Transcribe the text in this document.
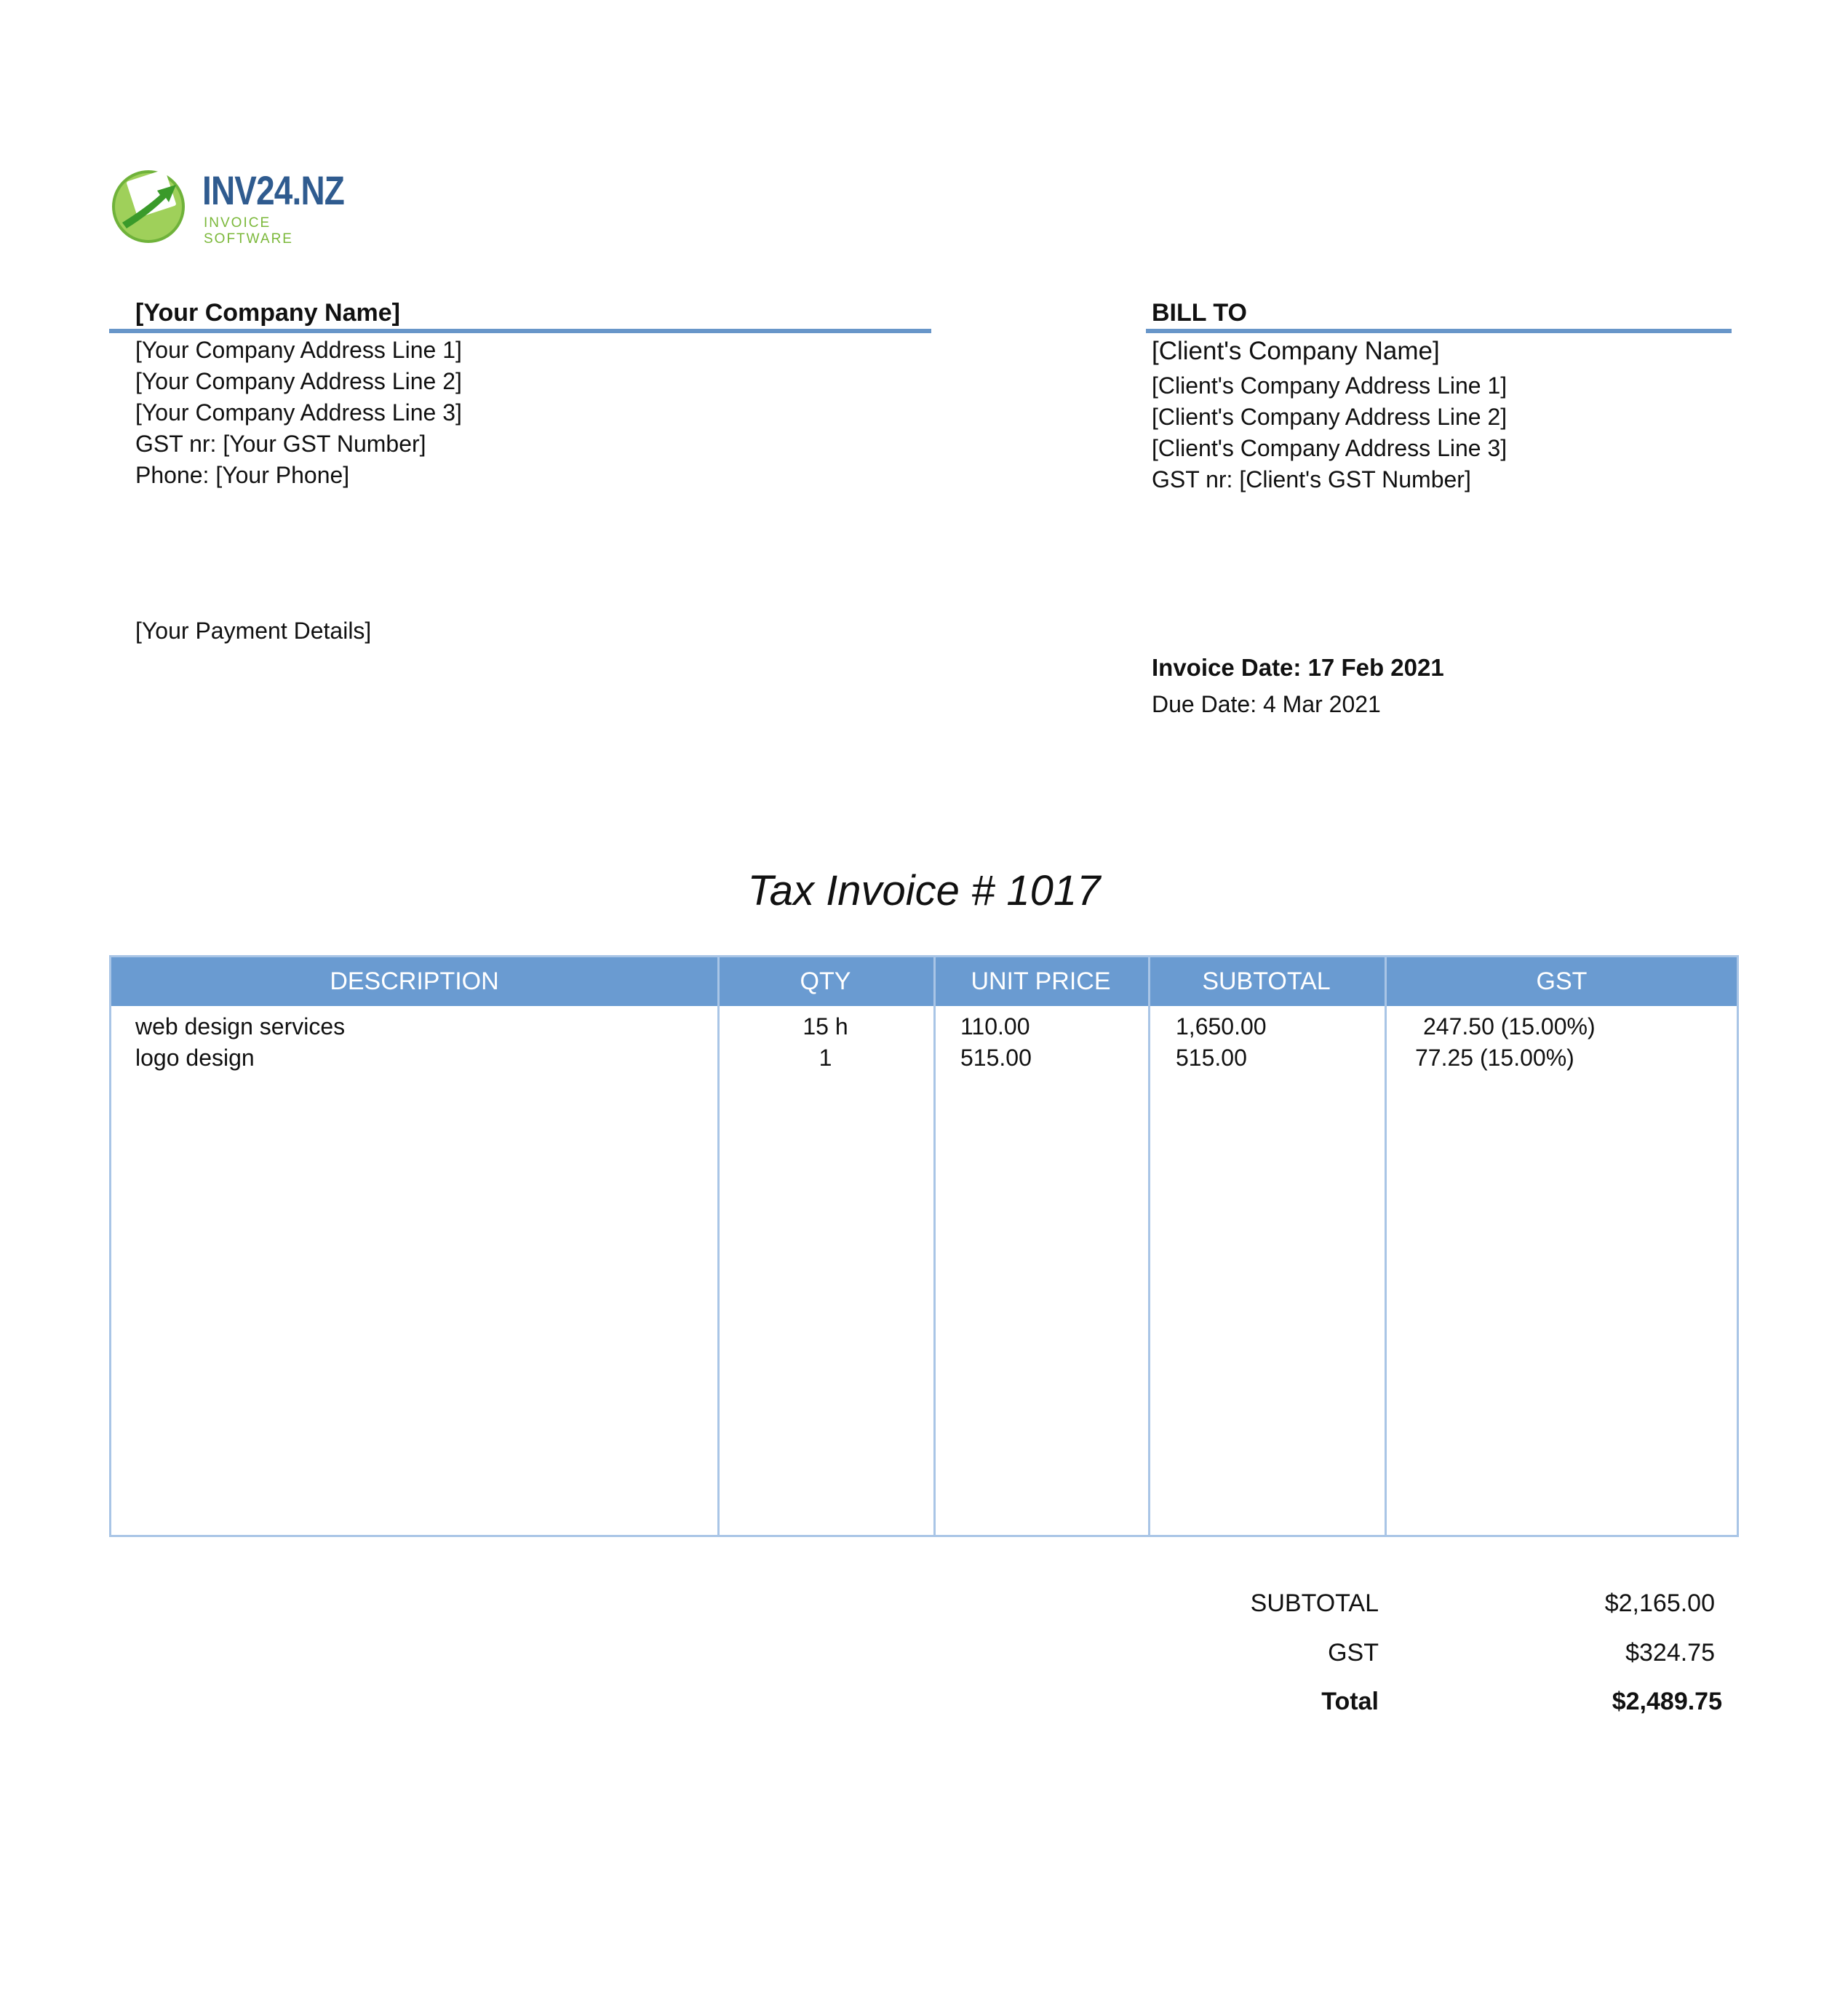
INV24.NZ
INVOICE SOFTWARE
[Your Company Name]
[Your Company Address Line 1]
[Your Company Address Line 2]
[Your Company Address Line 3]
GST nr: [Your GST Number]
Phone: [Your Phone]
[Your Payment Details]
BILL TO
[Client's Company Name]
[Client's Company Address Line 1]
[Client's Company Address Line 2]
[Client's Company Address Line 3]
GST nr: [Client's GST Number]
Invoice Date: 17 Feb 2021
Due Date: 4 Mar 2021
Tax Invoice # 1017
DESCRIPTION	QTY	UNIT PRICE	SUBTOTAL	GST
web design services	15 h	110.00	1,650.00	247.50 (15.00%)
logo design	1	515.00	515.00	77.25 (15.00%)
SUBTOTAL	$2,165.00
GST	$324.75
Total	$2,489.75
